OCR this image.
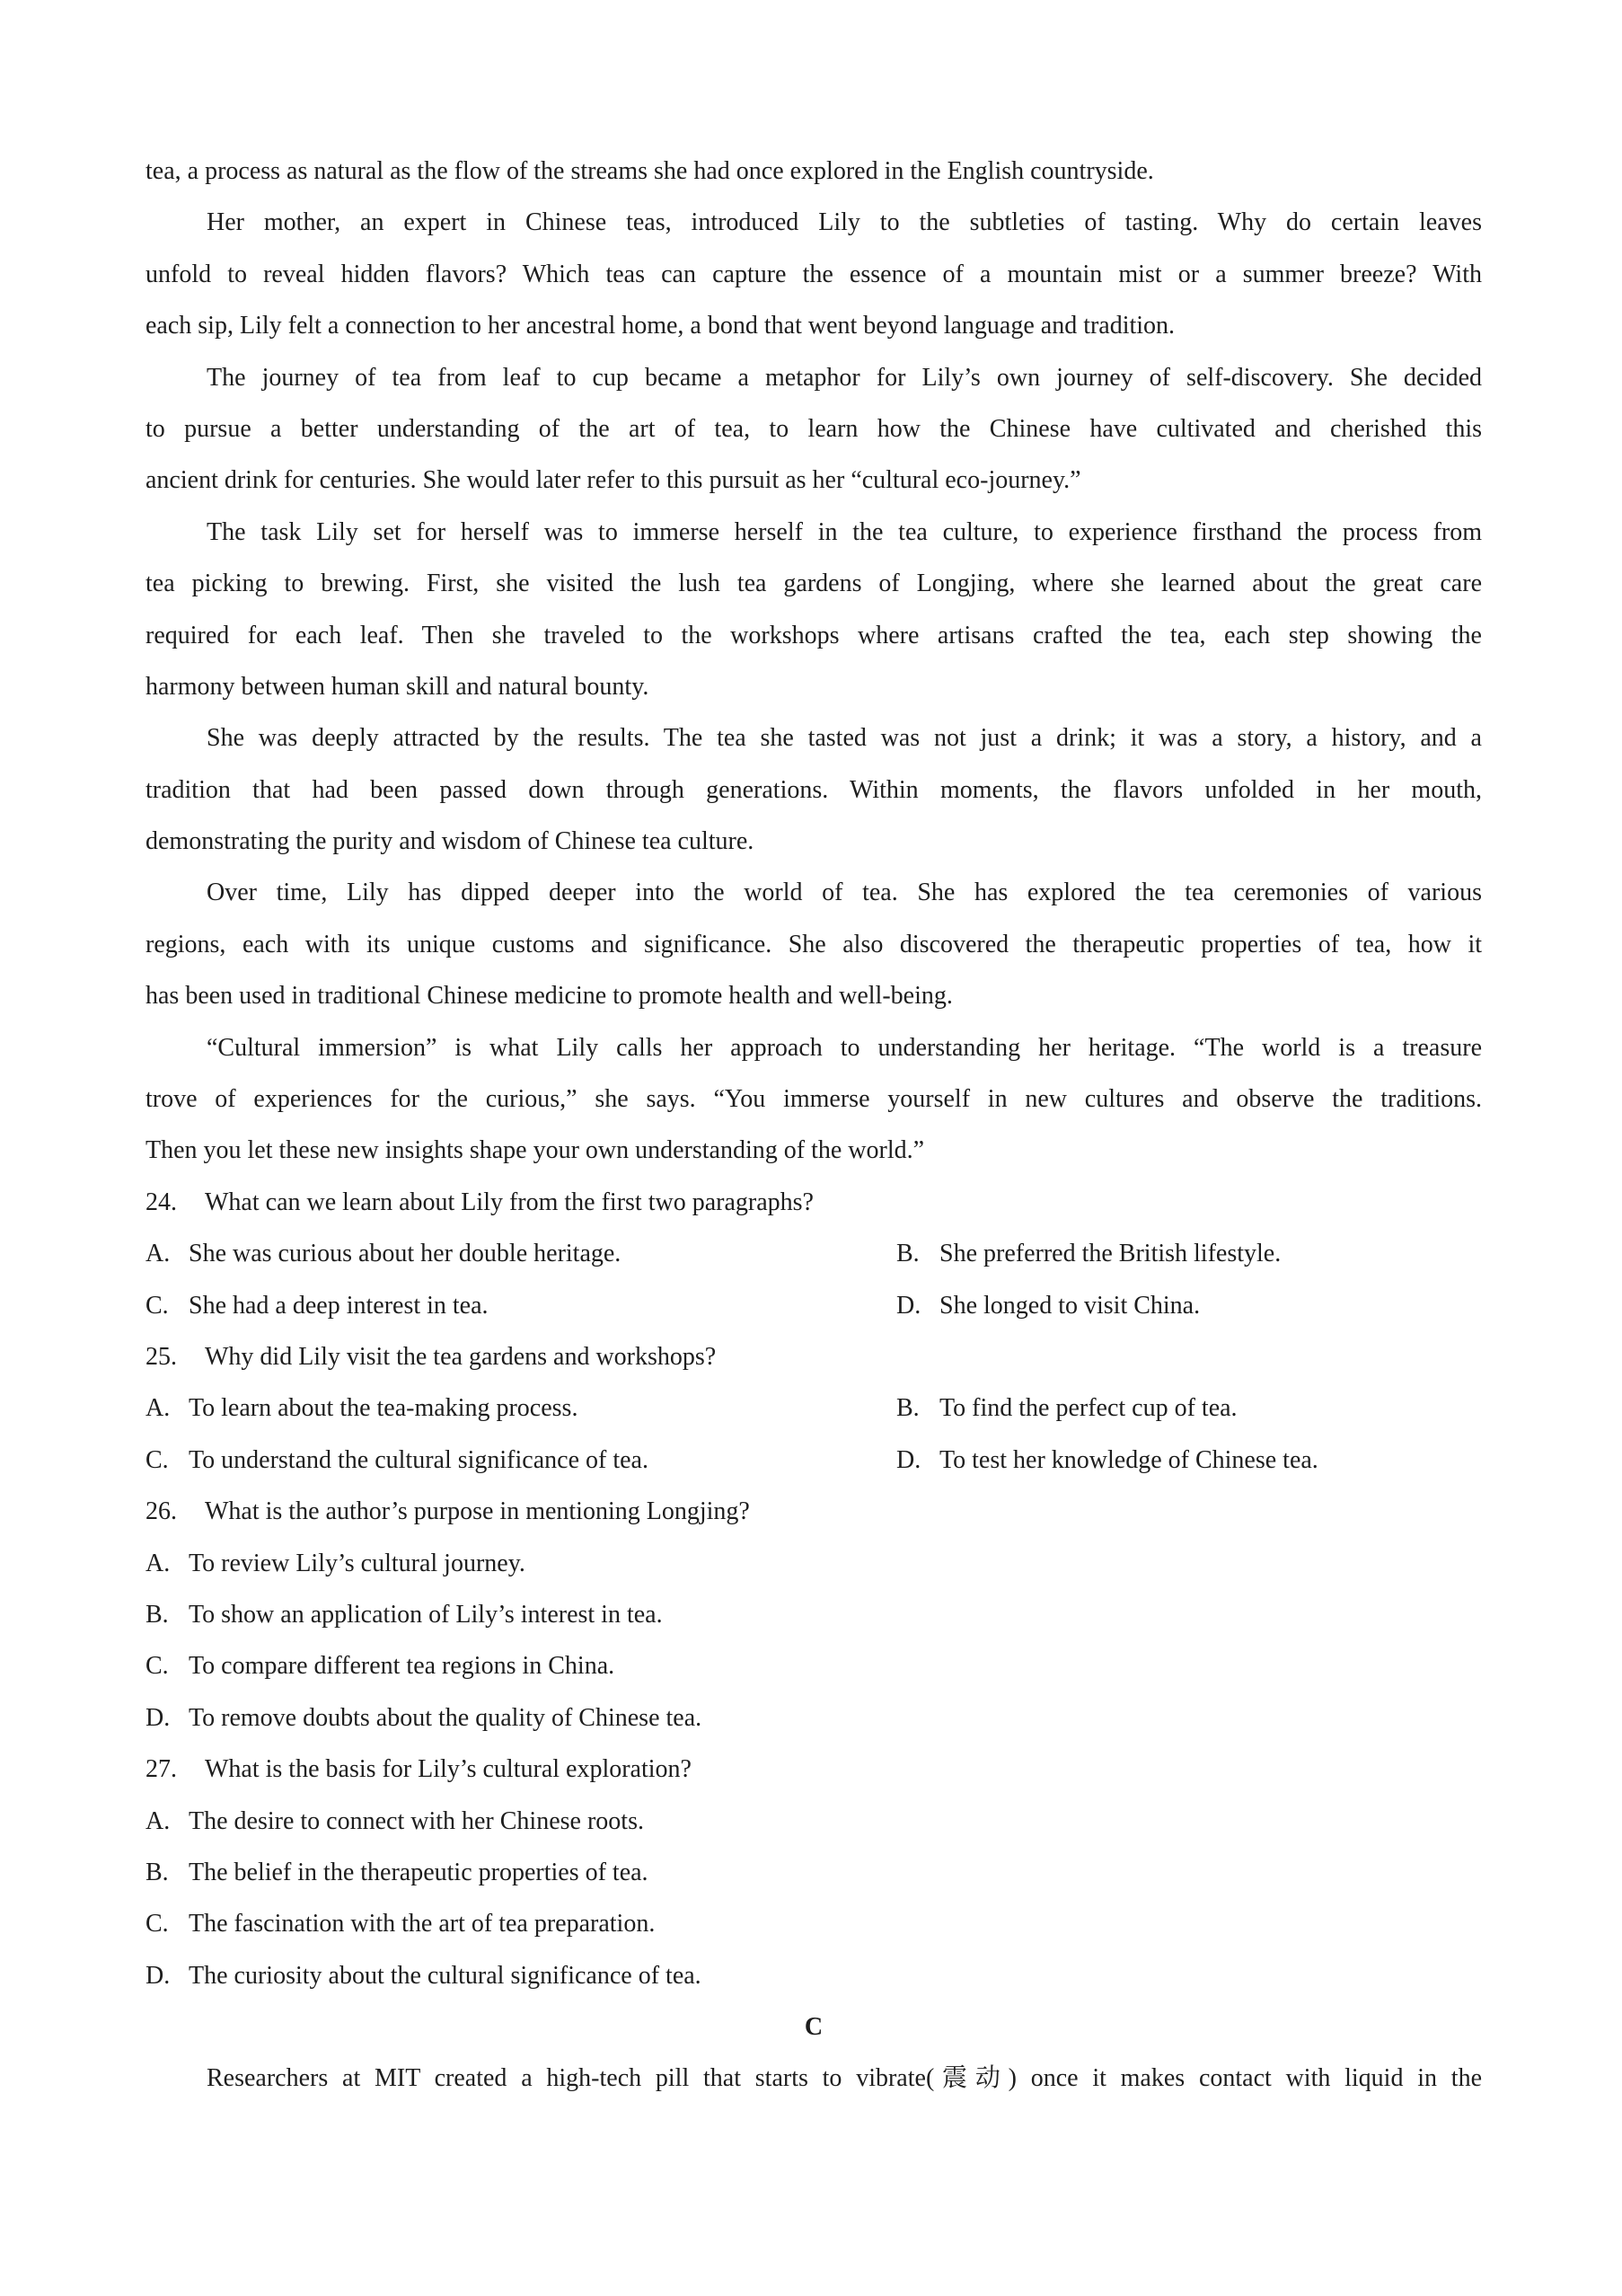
tea, a process as natural as the flow of the streams she had once explored in the English countryside.
Her mother, an expert in Chinese teas, introduced Lily to the subtleties of tasting. Why do certain leaves
unfold to reveal hidden flavors? Which teas can capture the essence of a mountain mist or a summer breeze? With
each sip, Lily felt a connection to her ancestral home, a bond that went beyond language and tradition.
The journey of tea from leaf to cup became a metaphor for Lily’s own journey of self-discovery. She decided
to pursue a better understanding of the art of tea, to learn how the Chinese have cultivated and cherished this
ancient drink for centuries. She would later refer to this pursuit as her “cultural eco-journey.”
The task Lily set for herself was to immerse herself in the tea culture, to experience firsthand the process from
tea picking to brewing. First, she visited the lush tea gardens of Longjing, where she learned about the great care
required for each leaf. Then she traveled to the workshops where artisans crafted the tea, each step showing the
harmony between human skill and natural bounty.
She was deeply attracted by the results. The tea she tasted was not just a drink; it was a story, a history, and a
tradition that had been passed down through generations. Within moments, the flavors unfolded in her mouth,
demonstrating the purity and wisdom of Chinese tea culture.
Over time, Lily has dipped deeper into the world of tea. She has explored the tea ceremonies of various
regions, each with its unique customs and significance. She also discovered the therapeutic properties of tea, how it
has been used in traditional Chinese medicine to promote health and well-being.
“Cultural immersion” is what Lily calls her approach to understanding her heritage. “The world is a treasure
trove of experiences for the curious,” she says. “You immerse yourself in new cultures and observe the traditions.
Then you let these new insights shape your own understanding of the world.”
24. What can we learn about Lily from the first two paragraphs?
A. She was curious about her double heritage.	B. She preferred the British lifestyle.
C. She had a deep interest in tea.	D. She longed to visit China.
25. Why did Lily visit the tea gardens and workshops?
A. To learn about the tea-making process.	B. To find the perfect cup of tea.
C. To understand the cultural significance of tea.	D. To test her knowledge of Chinese tea.
26. What is the author’s purpose in mentioning Longjing?
A. To review Lily’s cultural journey.
B. To show an application of Lily’s interest in tea.
C. To compare different tea regions in China.
D. To remove doubts about the quality of Chinese tea.
27. What is the basis for Lily’s cultural exploration?
A. The desire to connect with her Chinese roots.
B. The belief in the therapeutic properties of tea.
C. The fascination with the art of tea preparation.
D. The curiosity about the cultural significance of tea.
C
Researchers at MIT created a high-tech pill that starts to vibrate(震动) once it makes contact with liquid in the
